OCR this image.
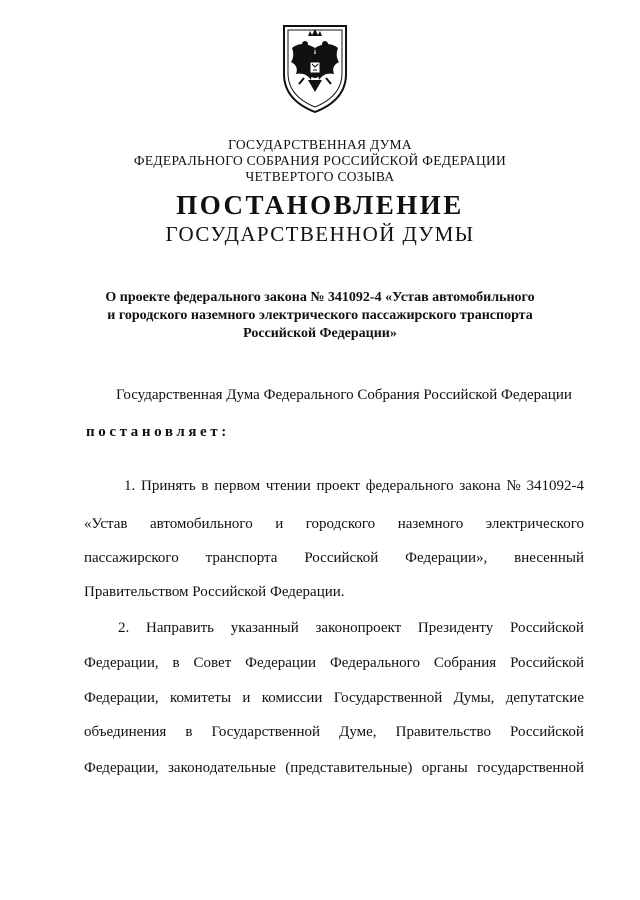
ГОСУДАРСТВЕННАЯ ДУМА
ФЕДЕРАЛЬНОГО СОБРАНИЯ РОССИЙСКОЙ ФЕДЕРАЦИИ
ЧЕТВЕРТОГО СОЗЫВА
ПОСТАНОВЛЕНИЕ
ГОСУДАРСТВЕННОЙ ДУМЫ
О проекте федерального закона № 341092-4 «Устав автомобильного
и городского наземного электрического пассажирского транспорта
Российской Федерации»
Государственная Дума Федерального Собрания Российской Федерации
постановляет:
1. Принять в первом чтении проект федерального закона № 341092-4
«Устав автомобильного и городского наземного электрического
пассажирского транспорта Российской Федерации», внесенный
Правительством Российской Федерации.
2. Направить указанный законопроект Президенту Российской
Федерации, в Совет Федерации Федерального Собрания Российской
Федерации, комитеты и комиссии Государственной Думы, депутатские
объединения в Государственной Думе, Правительство Российской
Федерации, законодательные (представительные) органы государственной
